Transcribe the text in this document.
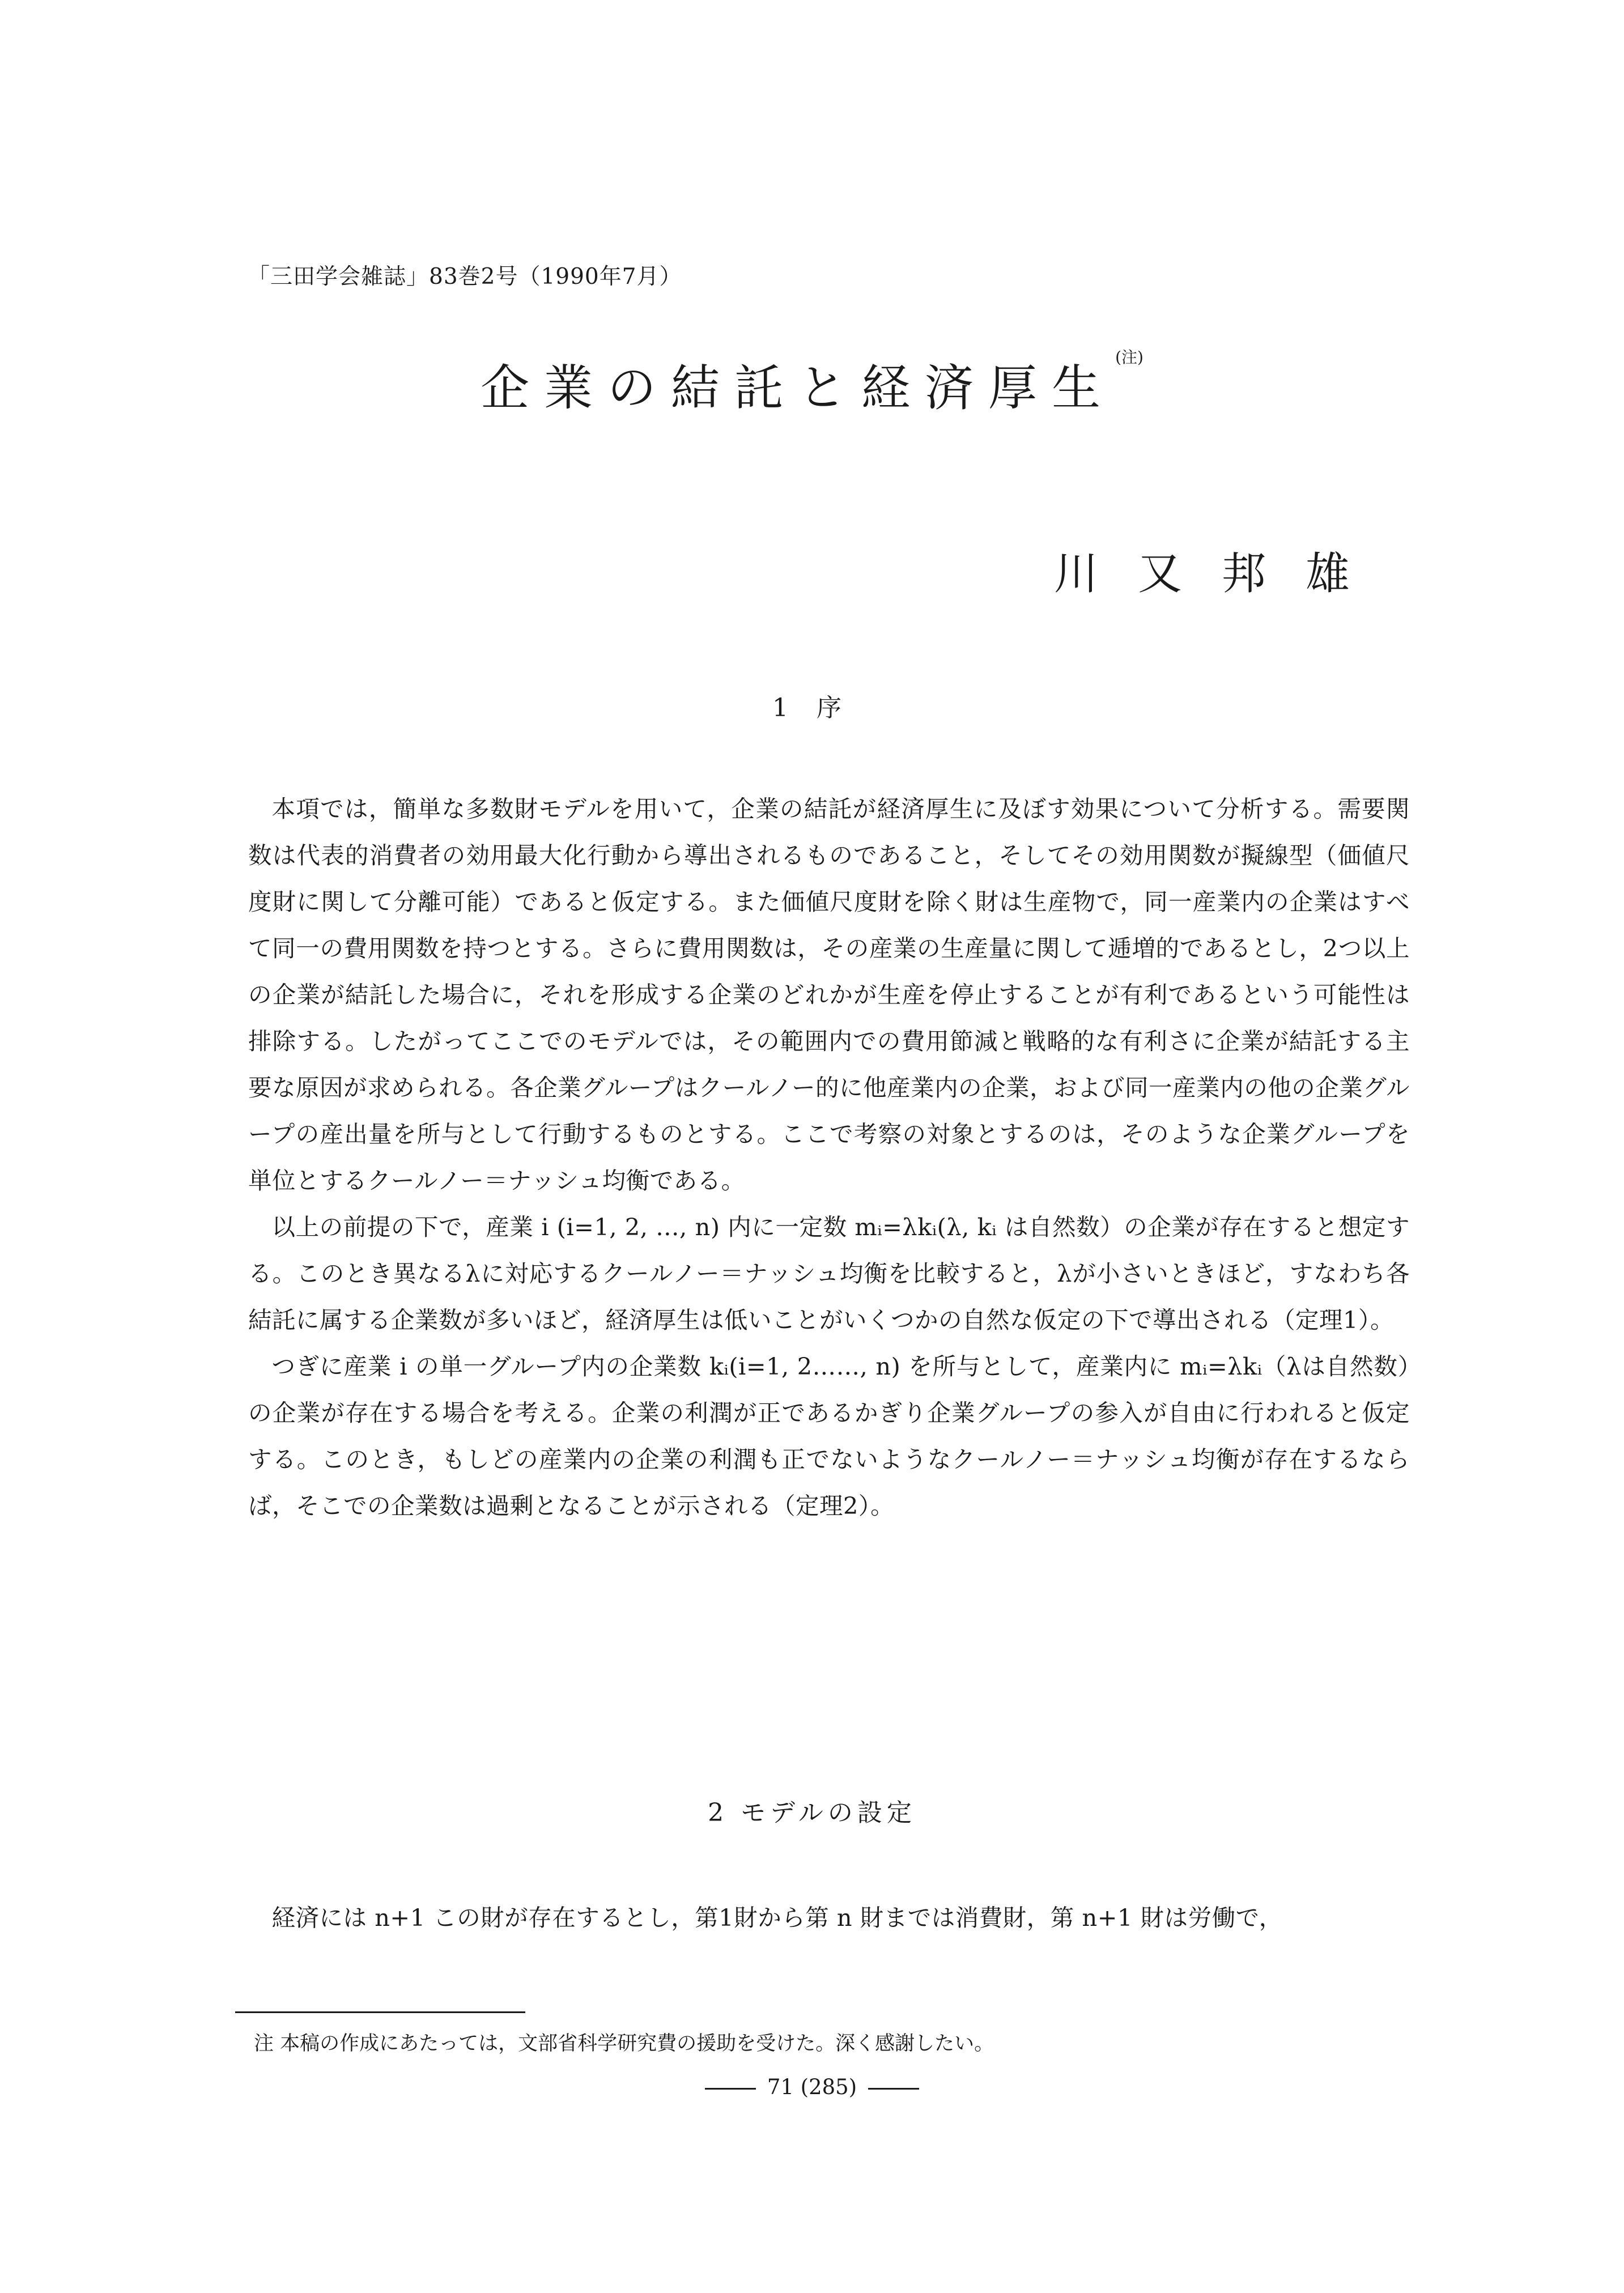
「三田学会雑誌」83巻2号（1990年7月）
企業の結託と経済厚生$^{(注)}$
川又邦雄
1 序

本項では，簡単な多数財モデルを用いて，企業の結託が経済厚生に及ぼす効果について分析する。需要関数は代表的消費者の効用最大化行動から導出されるものであること，そしてその効用関数が擬線型（価値尺度財に関して分離可能）であると仮定する。また価値尺度財を除く財は生産物で，同一産業内の企業はすべて同一の費用関数を持つとする。さらに費用関数は，その産業の生産量に関して逓増的であるとし，2つ以上の企業が結託した場合に，それを形成する企業のどれかが生産を停止することが有利であるという可能性は排除する。したがってここでのモデルでは，その範囲内での費用節減と戦略的な有利さに企業が結託する主要な原因が求められる。各企業グループはクールノー的に他産業内の企業，および同一産業内の他の企業グループの産出量を所与として行動するものとする。ここで考察の対象とするのは，そのような企業グループを単位とするクールノー＝ナッシュ均衡である。

以上の前提の下で，産業 i (i=1, 2, …, n) 内に一定数 mᵢ=λkᵢ(λ, kᵢ は自然数）の企業が存在すると想定する。このとき異なるλに対応するクールノー＝ナッシュ均衡を比較すると，λが小さいときほど，すなわち各結託に属する企業数が多いほど，経済厚生は低いことがいくつかの自然な仮定の下で導出される（定理1）。

つぎに産業 i の単一グループ内の企業数 kᵢ(i=1, 2……, n) を所与として，産業内に mᵢ=λkᵢ（λは自然数）の企業が存在する場合を考える。企業の利潤が正であるかぎり企業グループの参入が自由に行われると仮定する。このとき，もしどの産業内の企業の利潤も正でないようなクールノー＝ナッシュ均衡が存在するならば，そこでの企業数は過剰となることが示される（定理2）。

2 モデルの設定

経済には n+1 この財が存在するとし，第1財から第 n 財までは消費財，第 n+1 財は労働で，

注 本稿の作成にあたっては，文部省科学研究費の援助を受けた。深く感謝したい。
71 (285)
